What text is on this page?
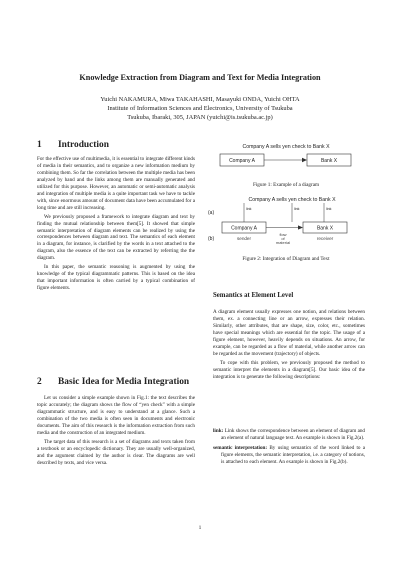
Knowledge Extraction from Diagram and Text for Media Integration
Yuichi NAKAMURA, Miwa TAKAHASHI, Masayuki ONDA, Yuichi OHTA
Institute of Information Sciences and Electronics, University of Tsukuba
Tsukuba, Ibaraki, 305, JAPAN (yuichi@is.tsukuba.ac.jp)
1 Introduction

For the effective use of multimedia, it is essential to integrate different kinds of media in their semantics, and to organize a new information medium by combining them. So far the correlation between the multiple media has been analyzed by hand and the links among them are manually generated and utilized for this purpose. However, an automatic or semi-automatic analysis and integration of multiple media is a quite important task we have to tackle with, since enormous amount of document data have been accumulated for a long time and are still increasing.

We previously proposed a framework to integrate diagram and text by finding the mutual relationship between them[5]. It showed that simple semantic interpretation of diagram elements can be realized by using the correspondences between diagram and text. The semantics of each element in a diagram, for instance, is clarified by the words in a text attached to the diagram, also the essence of the text can be extracted by referring the the diagram.

In this paper, the semantic reasoning is augmented by using the knowledge of the typical diagrammatic patterns. This is based on the idea that important information is often carried by a typical combination of figure elements.

2 Basic Idea for Media Integration

Let us consider a simple example shown in Fig.1: the text describes the topic accurately; the diagram shows the flow of “yen check” with a simple diagrammatic structure, and is easy to understand at a glance. Such a combination of the two media is often seen in documents and electronic documents. The aim of this research is the information extraction from such media and the construction of an integrated medium.

The target data of this research is a set of diagrams and texts taken from a textbook or an encyclopedic dictionary. They are usually well-organized, and the argument claimed by the author is clear. The diagrams are well described by texts, and vice versa.

Company A sells yen check to Bank X
Company A	Bank X
Figure 1: Example of a diagram
Company A sells yen check to Bank X
(a)
link	link	link
Company A	Bank X
(b)	sender
flow
of
material
receiver
Figure 2: Integration of Diagram and Text
Semantics at Element Level

A diagram element usually expresses one notion, and relations between them, ex. a connecting line or an arrow, expresses their relation. Similarly, other attributes, that are shape, size, color, etc., sometimes have special meanings which are essential for the topic. The usage of a figure element, however, heavily depends on situations. An arrow, for example, can be regarded as a flow of material, while another arrow can be regarded as the movement (trajectory) of objects.

To cope with this problem, we previously proposed the method to semantic interpret the elements in a diagram[5]. Our basic idea of the integration is to generate the following descriptions:

link: Link shows the correspondence between an element of diagram and an element of natural language text. An example is shown in Fig.2(a).
semantic interpretation: By using semantics of the word linked to a figure elements, the semantic interpretation, i.e. a category of notions, is attached to each element. An example is shown in Fig.2(b).
1
